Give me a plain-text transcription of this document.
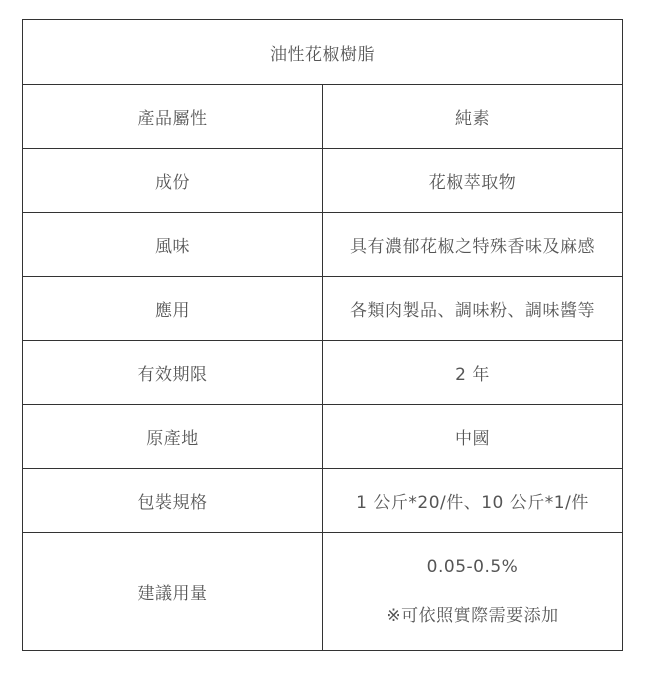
油性花椒樹脂	
產品屬性	純素
成份	花椒萃取物
風味	具有濃郁花椒之特殊香味及麻感
應用	各類肉製品、調味粉、調味醬等
有效期限	2 年
原產地	中國
包裝規格	1 公斤*20/件、10 公斤*1/件
建議用量	0.05-0.5%
※可依照實際需要添加
